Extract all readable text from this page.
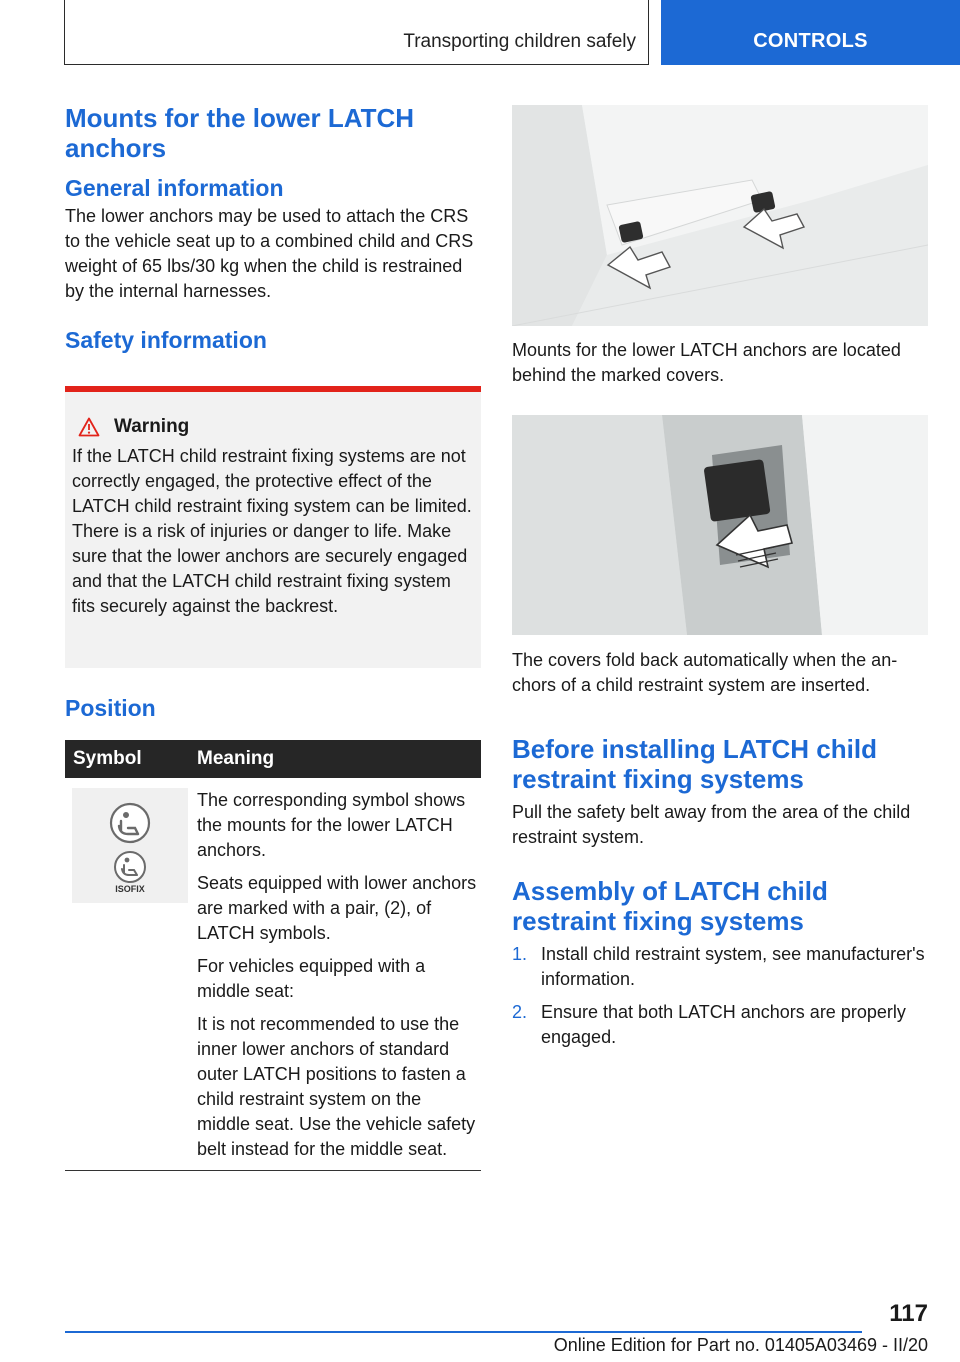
Transporting children safely	CONTROLS
Mounts for the lower LATCH anchors
General information
The lower anchors may be used to attach the CRS to the vehicle seat up to a combined child and CRS weight of 65 lbs/30 kg when the child is restrained by the internal harnesses.
Safety information
Warning
If the LATCH child restraint fixing systems are not correctly engaged, the protective effect of the LATCH child restraint fixing system can be limited. There is a risk of injuries or danger to life. Make sure that the lower anchors are securely engaged and that the LATCH child restraint fixing system fits securely against the backrest.
Position
Symbol	Meaning
ISOFIX
The corresponding symbol shows the mounts for the lower LATCH anchors.
Seats equipped with lower anchors are marked with a pair, (2), of LATCH symbols.
For vehicles equipped with a middle seat:
It is not recommended to use the inner lower anchors of standard outer LATCH positions to fasten a child restraint system on the middle seat. Use the vehicle safety belt instead for the middle seat.
Mounts for the lower LATCH anchors are located behind the marked covers.
The covers fold back automatically when the anchors of a child restraint system are inserted.
Before installing LATCH child restraint fixing systems
Pull the safety belt away from the area of the child restraint system.
Assembly of LATCH child restraint fixing systems
1. Install child restraint system, see manufacturer's information.
2. Ensure that both LATCH anchors are properly engaged.
117
Online Edition for Part no. 01405A03469 - II/20
